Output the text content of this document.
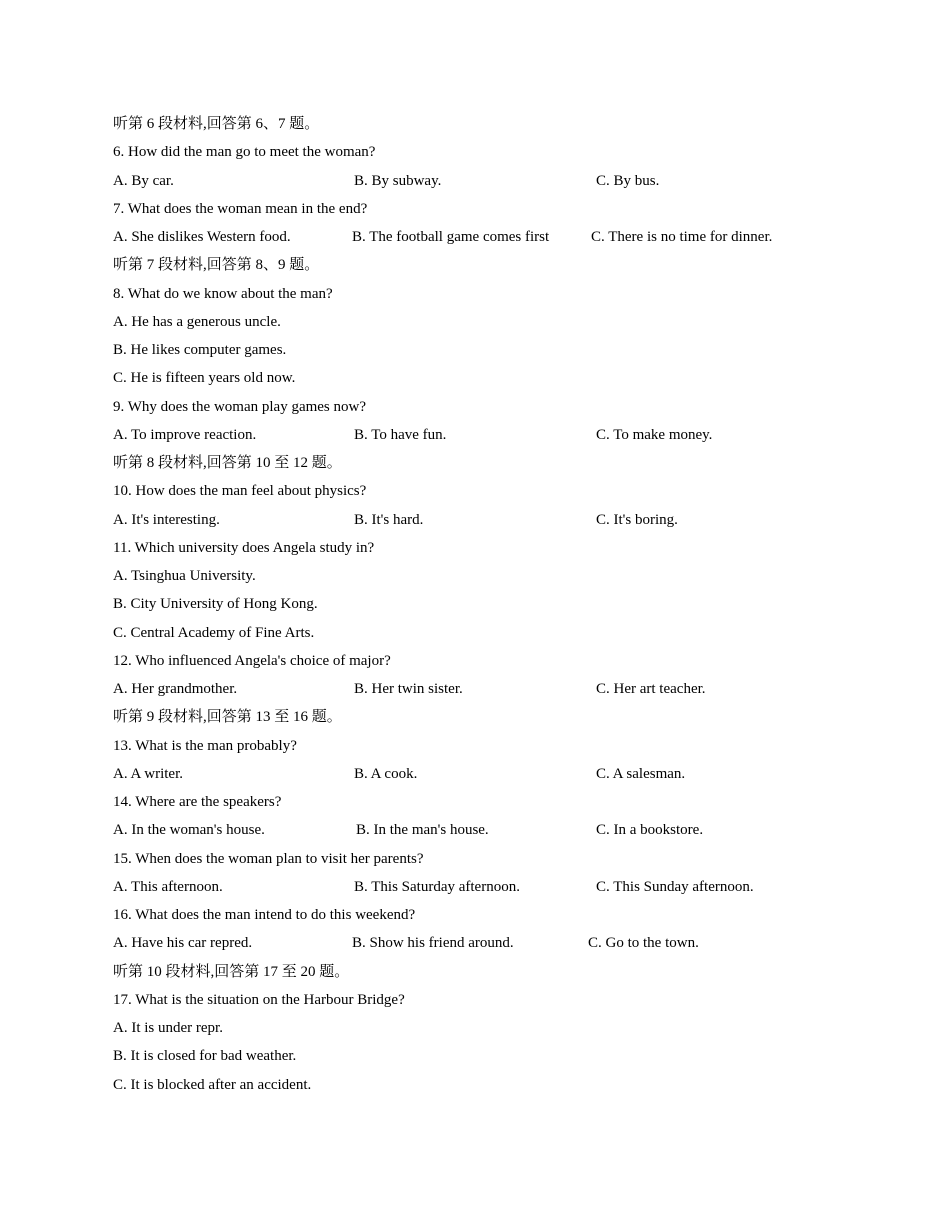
听第 6 段材料,回答第 6、7 题。
6. How did the man go to meet the woman?
A. By car.	B. By subway.	C. By bus.
7. What does the woman mean in the end?
A. She dislikes Western food.	B. The football game comes first	C. There is no time for dinner.
听第 7 段材料,回答第 8、9 题。
8. What do we know about the man?
A. He has a generous uncle.
B. He likes computer games.
C. He is fifteen years old now.
9. Why does the woman play games now?
A. To improve reaction.	B. To have fun.	C. To make money.
听第 8 段材料,回答第 10 至 12 题。
10. How does the man feel about physics?
A. It's interesting.	B. It's hard.	C. It's boring.
11. Which university does Angela study in?
A. Tsinghua University.
B. City University of Hong Kong.
C. Central Academy of Fine Arts.
12. Who influenced Angela's choice of major?
A. Her grandmother.	B. Her twin sister.	C. Her art teacher.
听第 9 段材料,回答第 13 至 16 题。
13. What is the man probably?
A. A writer.	B. A cook.	C. A salesman.
14. Where are the speakers?
A. In the woman's house.	B. In the man's house.	C. In a bookstore.
15. When does the woman plan to visit her parents?
A. This afternoon.	B. This Saturday afternoon.	C. This Sunday afternoon.
16. What does the man intend to do this weekend?
A. Have his car repred.	B. Show his friend around.	C. Go to the town.
听第 10 段材料,回答第 17 至 20 题。
17. What is the situation on the Harbour Bridge?
A. It is under repr.
B. It is closed for bad weather.
C. It is blocked after an accident.
